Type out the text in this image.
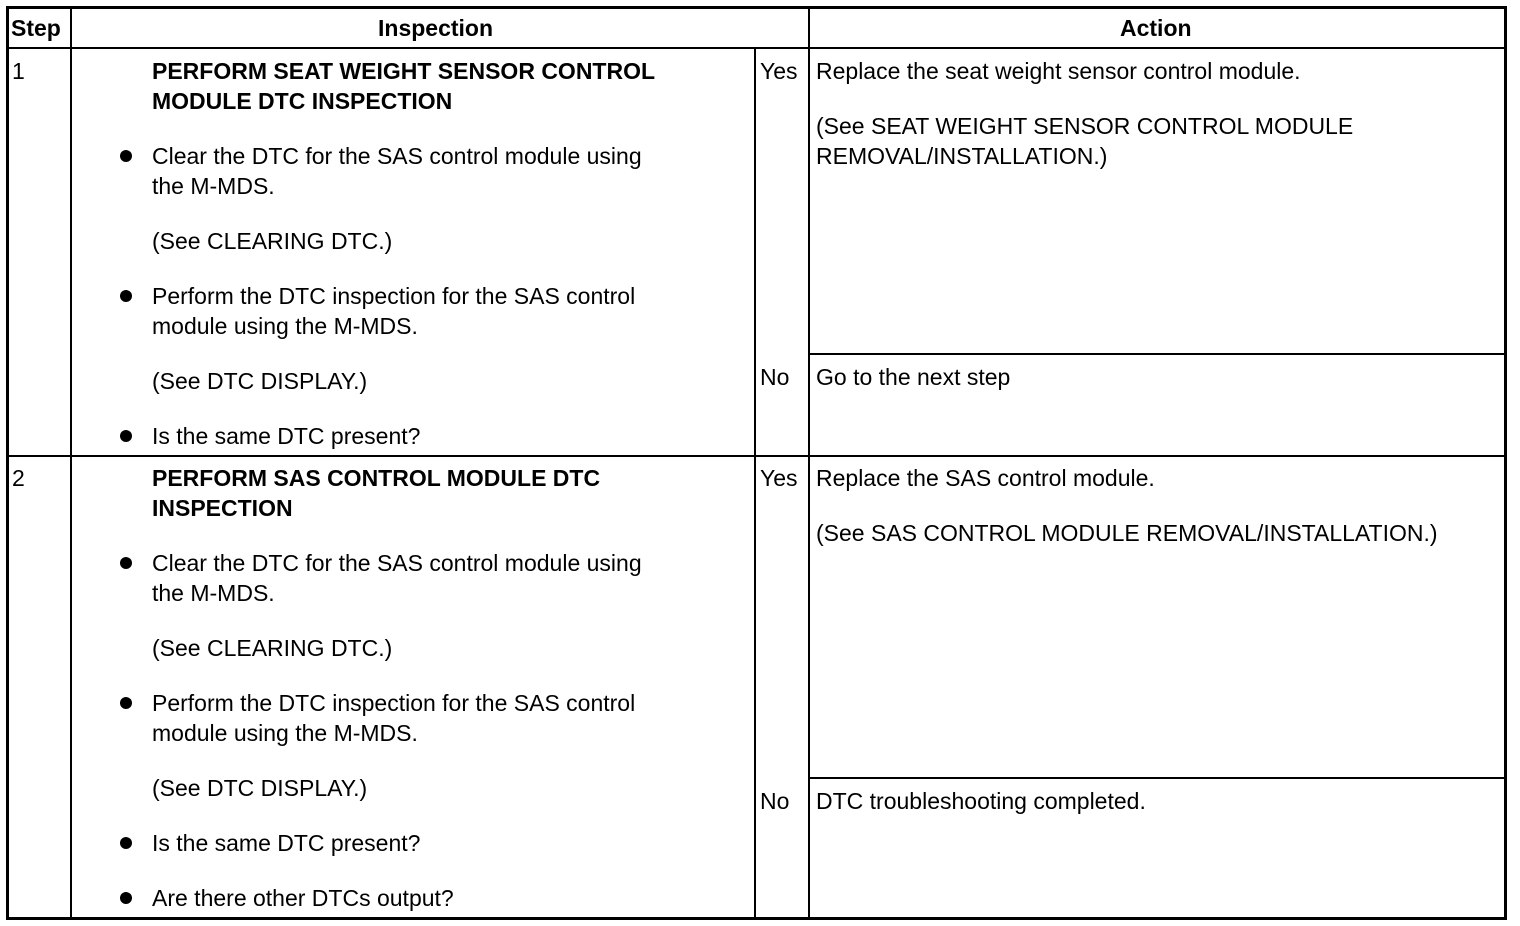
Step	Inspection	Action
1	PERFORM SEAT WEIGHT SENSOR CONTROL
MODULE DTC INSPECTION
Clear the DTC for the SAS control module using
the M-MDS.
(See CLEARING DTC.)
Perform the DTC inspection for the SAS control
module using the M-MDS.
(See DTC DISPLAY.)
Is the same DTC present?
Yes Replace the seat weight sensor control module.
(See SEAT WEIGHT SENSOR CONTROL MODULE
REMOVAL/INSTALLATION.)
No Go to the next step
2	PERFORM SAS CONTROL MODULE DTC
INSPECTION
Clear the DTC for the SAS control module using
the M-MDS.
(See CLEARING DTC.)
Perform the DTC inspection for the SAS control
module using the M-MDS.
(See DTC DISPLAY.)
Is the same DTC present?
Are there other DTCs output?
Yes Replace the SAS control module.
(See SAS CONTROL MODULE REMOVAL/INSTALLATION.)
No DTC troubleshooting completed.
